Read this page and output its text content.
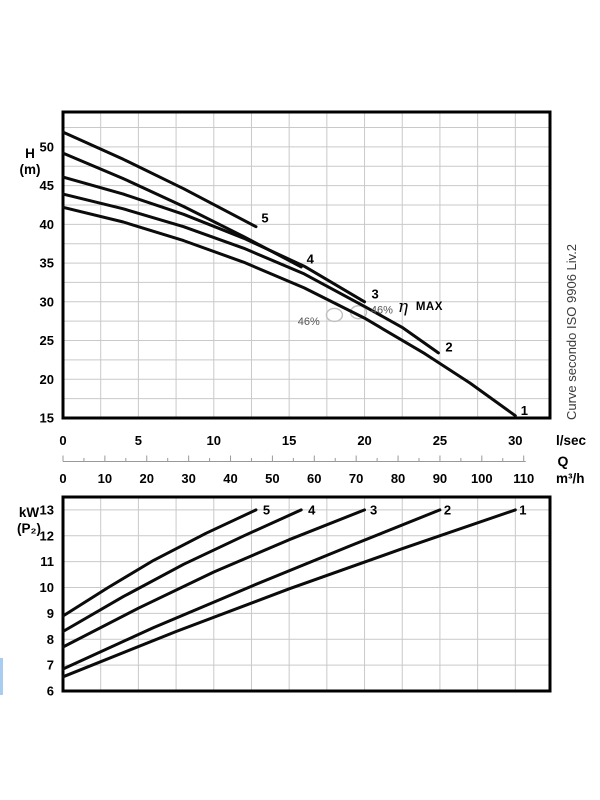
5
4
3
2
1
50
45
40
35
30
25
20
15
0	5	10	15	20	25	30
H
(m)
46%
46%
η MAX
5	4	3	2	1
13
12
11
10
9
8
7
6
kW
(P₂)
l/sec
Q
0 10 20 30 40 50 60 70 80 90 100 110 m³/h
Curve secondo ISO 9906 Liv.2
